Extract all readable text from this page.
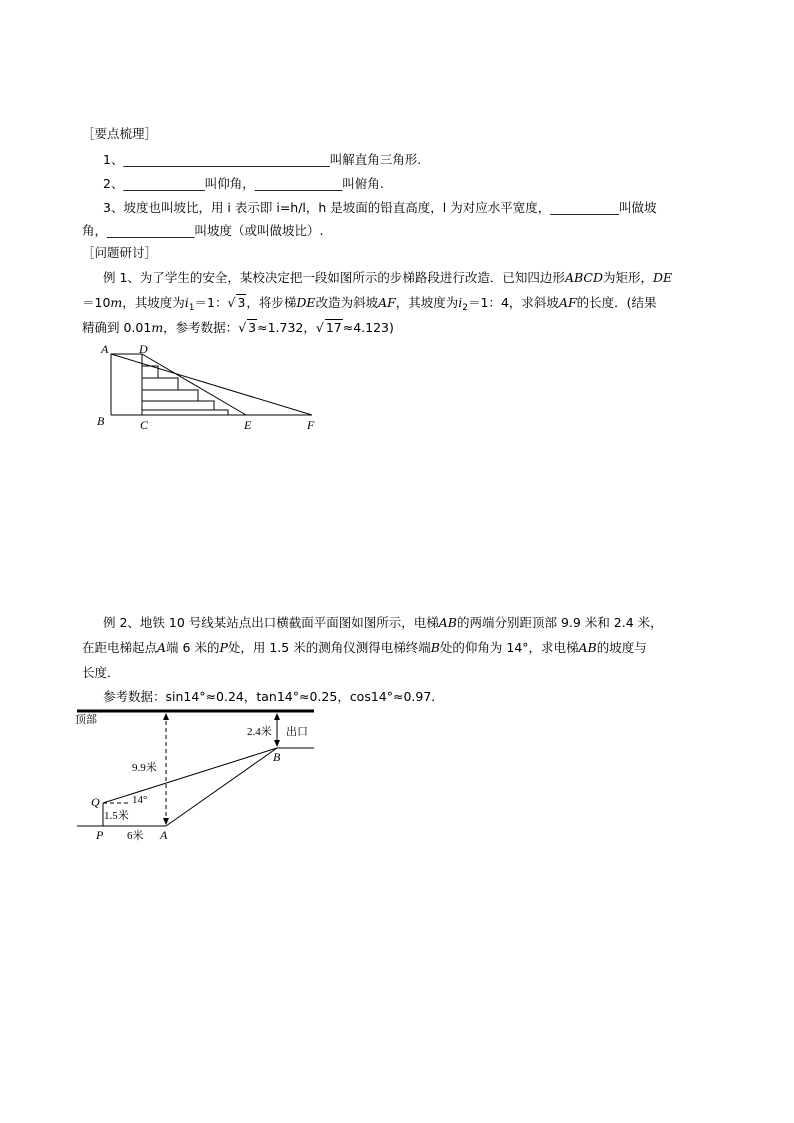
［要点梳理］
1、_________________________________叫解直角三角形.
2、_____________叫仰角，______________叫俯角.
3、坡度也叫坡比，用 i 表示即 i=h/l，h 是坡面的铅直高度，l 为对应水平宽度，___________叫做坡
角，______________叫坡度（或叫做坡比）.
［问题研讨］
例 1、为了学生的安全，某校决定把一段如图所示的步梯路段进行改造．已知四边形ABCD为矩形，DE
＝10m，其坡度为$i_1=1$：√ 3，将步梯DE改造为斜坡AF，其坡度为$i_2=1$：4，求斜坡AF的长度．(结果
精确到 0.01m，参考数据：√ 3≈1.732，√ 17≈4.123)
A	D
B	C	E	F
例 2、地铁 10 号线某站点出口横截面平面图如图所示，电梯AB的两端分别距顶部 9.9 米和 2.4 米，
在距电梯起点A端 6 米的P处，用 1.5 米的测角仪测得电梯终端B处的仰角为 14°，求电梯AB的坡度与
长度．
参考数据：sin14°≈0.24，tan14°≈0.25，cos14°≈0.97．
顶部
2.4米 出口
9.9米
14°
1.5米
6米
Q
P	A
B
